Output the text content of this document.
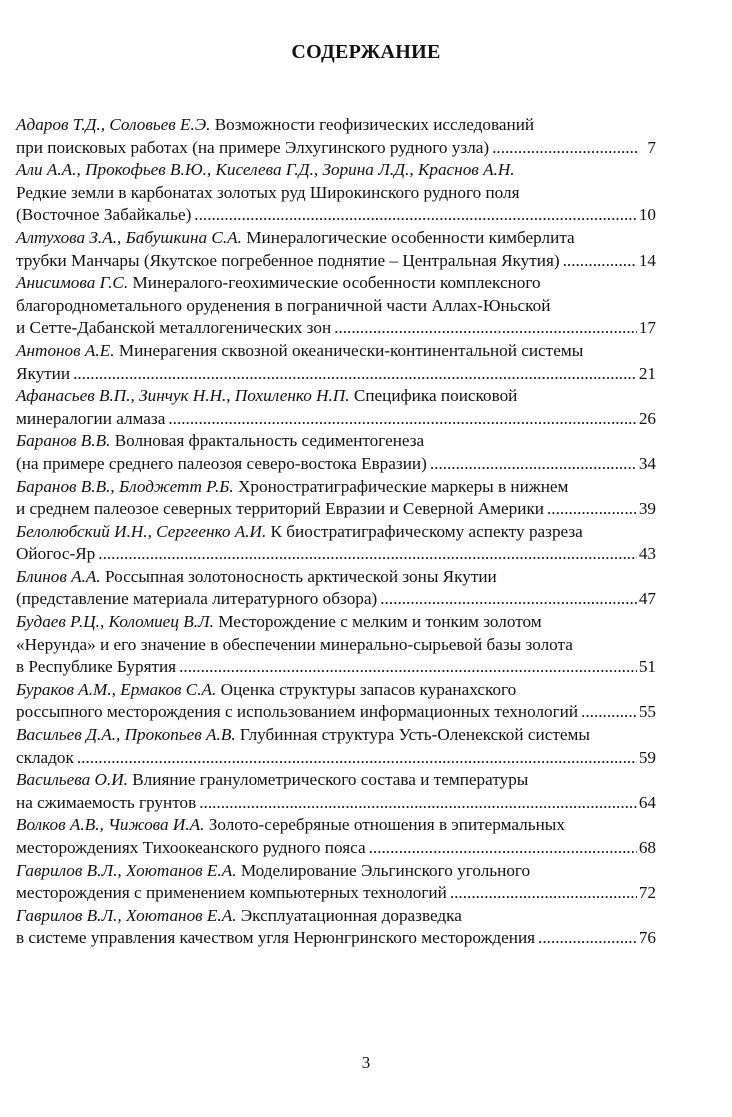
СОДЕРЖАНИЕ
Адаров Т.Д., Соловьев Е.Э. Возможности геофизических исследований
при поисковых работах (на примере Элхугинского рудного узла) .....	7
Али А.А., Прокофьев В.Ю., Киселева Г.Д., Зорина Л.Д., Краснов А.Н.
Редкие земли в карбонатах золотых руд Широкинского рудного поля
(Восточное Забайкалье) .....	10
Алтухова З.А., Бабушкина С.А. Минералогические особенности кимберлита
трубки Манчары (Якутское погребенное поднятие – Центральная Якутия) .....	14
Анисимова Г.С. Минералого-геохимические особенности комплексного
благороднометального оруденения в пограничной части Аллах-Юньской
и Сетте-Дабанской металлогенических зон .....	17
Антонов А.Е. Минерагения сквозной океанически-континентальной системы
Якутии .....	21
Афанасьев В.П., Зинчук Н.Н., Похиленко Н.П. Специфика поисковой
минералогии алмаза .....	26
Баранов В.В. Волновая фрактальность седиментогенеза
(на примере среднего палеозоя северо-востока Евразии) .....	34
Баранов В.В., Блоджетт Р.Б. Хроностратиграфические маркеры в нижнем
и среднем палеозое северных территорий Евразии и Северной Америки .....	39
Белолюбский И.Н., Сергеенко А.И. К биостратиграфическому аспекту разреза
Ойогос-Яр .....	43
Блинов А.А. Россыпная золотоносность арктической зоны Якутии
(представление материала литературного обзора) .....	47
Будаев Р.Ц., Коломиец В.Л. Месторождение с мелким и тонким золотом
«Нерунда» и его значение в обеспечении минерально-сырьевой базы золота
в Республике Бурятия .....	51
Бураков А.М., Ермаков С.А. Оценка структуры запасов куранахского
россыпного месторождения с использованием информационных технологий .....	55
Васильев Д.А., Прокопьев А.В. Глубинная структура Усть-Оленекской системы
складок .....	59
Васильева О.И. Влияние гранулометрического состава и температуры
на сжимаемость грунтов .....	64
Волков А.В., Чижова И.А. Золото-серебряные отношения в эпитермальных
месторождениях Тихоокеанского рудного пояса .....	68
Гаврилов В.Л., Хоютанов Е.А. Моделирование Эльгинского угольного
месторождения с применением компьютерных технологий .....	72
Гаврилов В.Л., Хоютанов Е.А. Эксплуатационная доразведка
в системе управления качеством угля Нерюнгринского месторождения .....	76
3
